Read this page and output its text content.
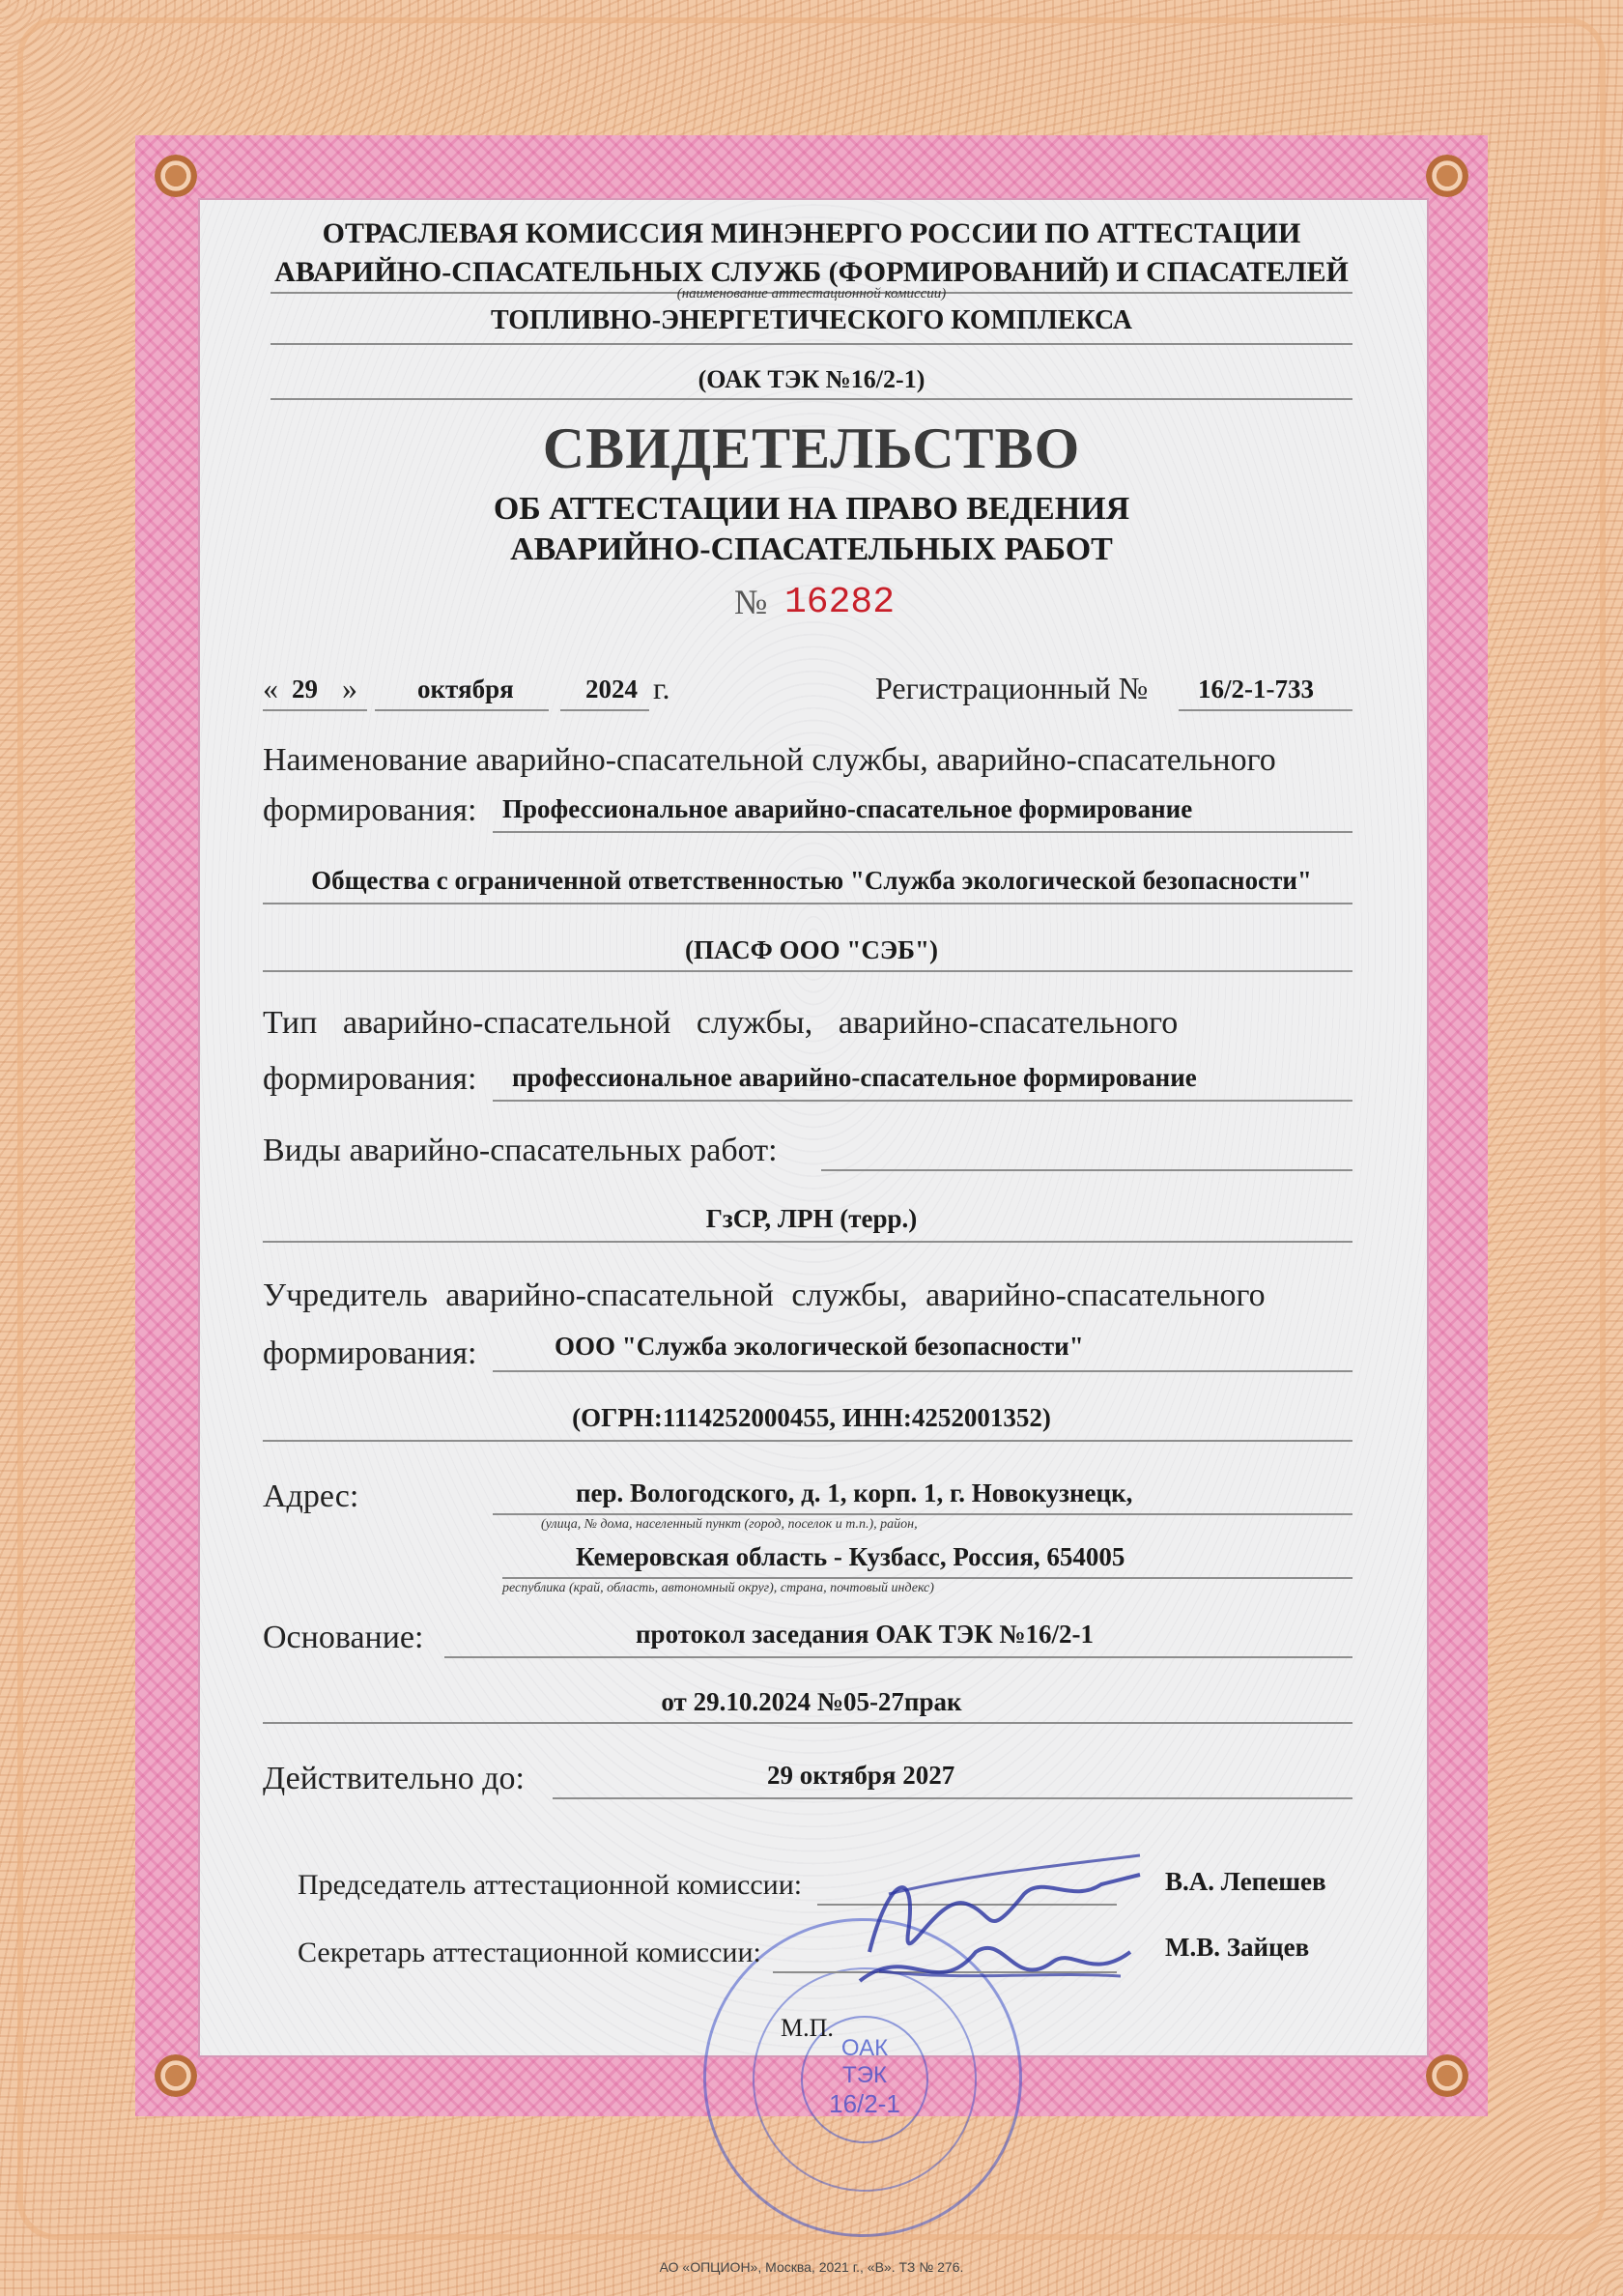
ОТРАСЛЕВАЯ КОМИССИЯ МИНЭНЕРГО РОССИИ ПО АТТЕСТАЦИИ
АВАРИЙНО-СПАСАТЕЛЬНЫХ СЛУЖБ (ФОРМИРОВАНИЙ) И СПАСАТЕЛЕЙ
(наименование аттестационной комиссии)
ТОПЛИВНО-ЭНЕРГЕТИЧЕСКОГО КОМПЛЕКСА
(ОАК ТЭК №16/2-1)
СВИДЕТЕЛЬСТВО
ОБ АТТЕСТАЦИИ НА ПРАВО ВЕДЕНИЯ
АВАРИЙНО-СПАСАТЕЛЬНЫХ РАБОТ
№ 16282
« 29 » октября	2024 г.	Регистрационный № 16/2-1-733
Наименование аварийно-спасательной службы, аварийно-спасательного
формирования: Профессиональное аварийно-спасательное формирование
Общества с ограниченной ответственностью "Служба экологической безопасности"
(ПАСФ ООО "СЭБ")
Тип аварийно-спасательной службы, аварийно-спасательного
формирования: профессиональное аварийно-спасательное формирование
Виды аварийно-спасательных работ:
ГзСР, ЛРН (терр.)
Учредитель аварийно-спасательной службы, аварийно-спасательного
формирования:	ООО "Служба экологической безопасности"
(ОГРН:1114252000455, ИНН:4252001352)
Адрес:	пер. Вологодского, д. 1, корп. 1, г. Новокузнецк,
(улица, № дома, населенный пункт (город, поселок и т.п.), район,
Кемеровская область - Кузбасс, Россия, 654005
республика (край, область, автономный округ), страна, почтовый индекс)
Основание:	протокол заседания ОАК ТЭК №16/2-1
от 29.10.2024 №05-27прак
Действительно до:	29 октября 2027
ОАК
ТЭК
16/2-1
Председатель аттестационной комиссии:	В.А. Лепешев
Секретарь аттестационной комиссии:	М.В. Зайцев
М.П.
АО «ОПЦИОН», Москва, 2021 г., «В». ТЗ № 276.
